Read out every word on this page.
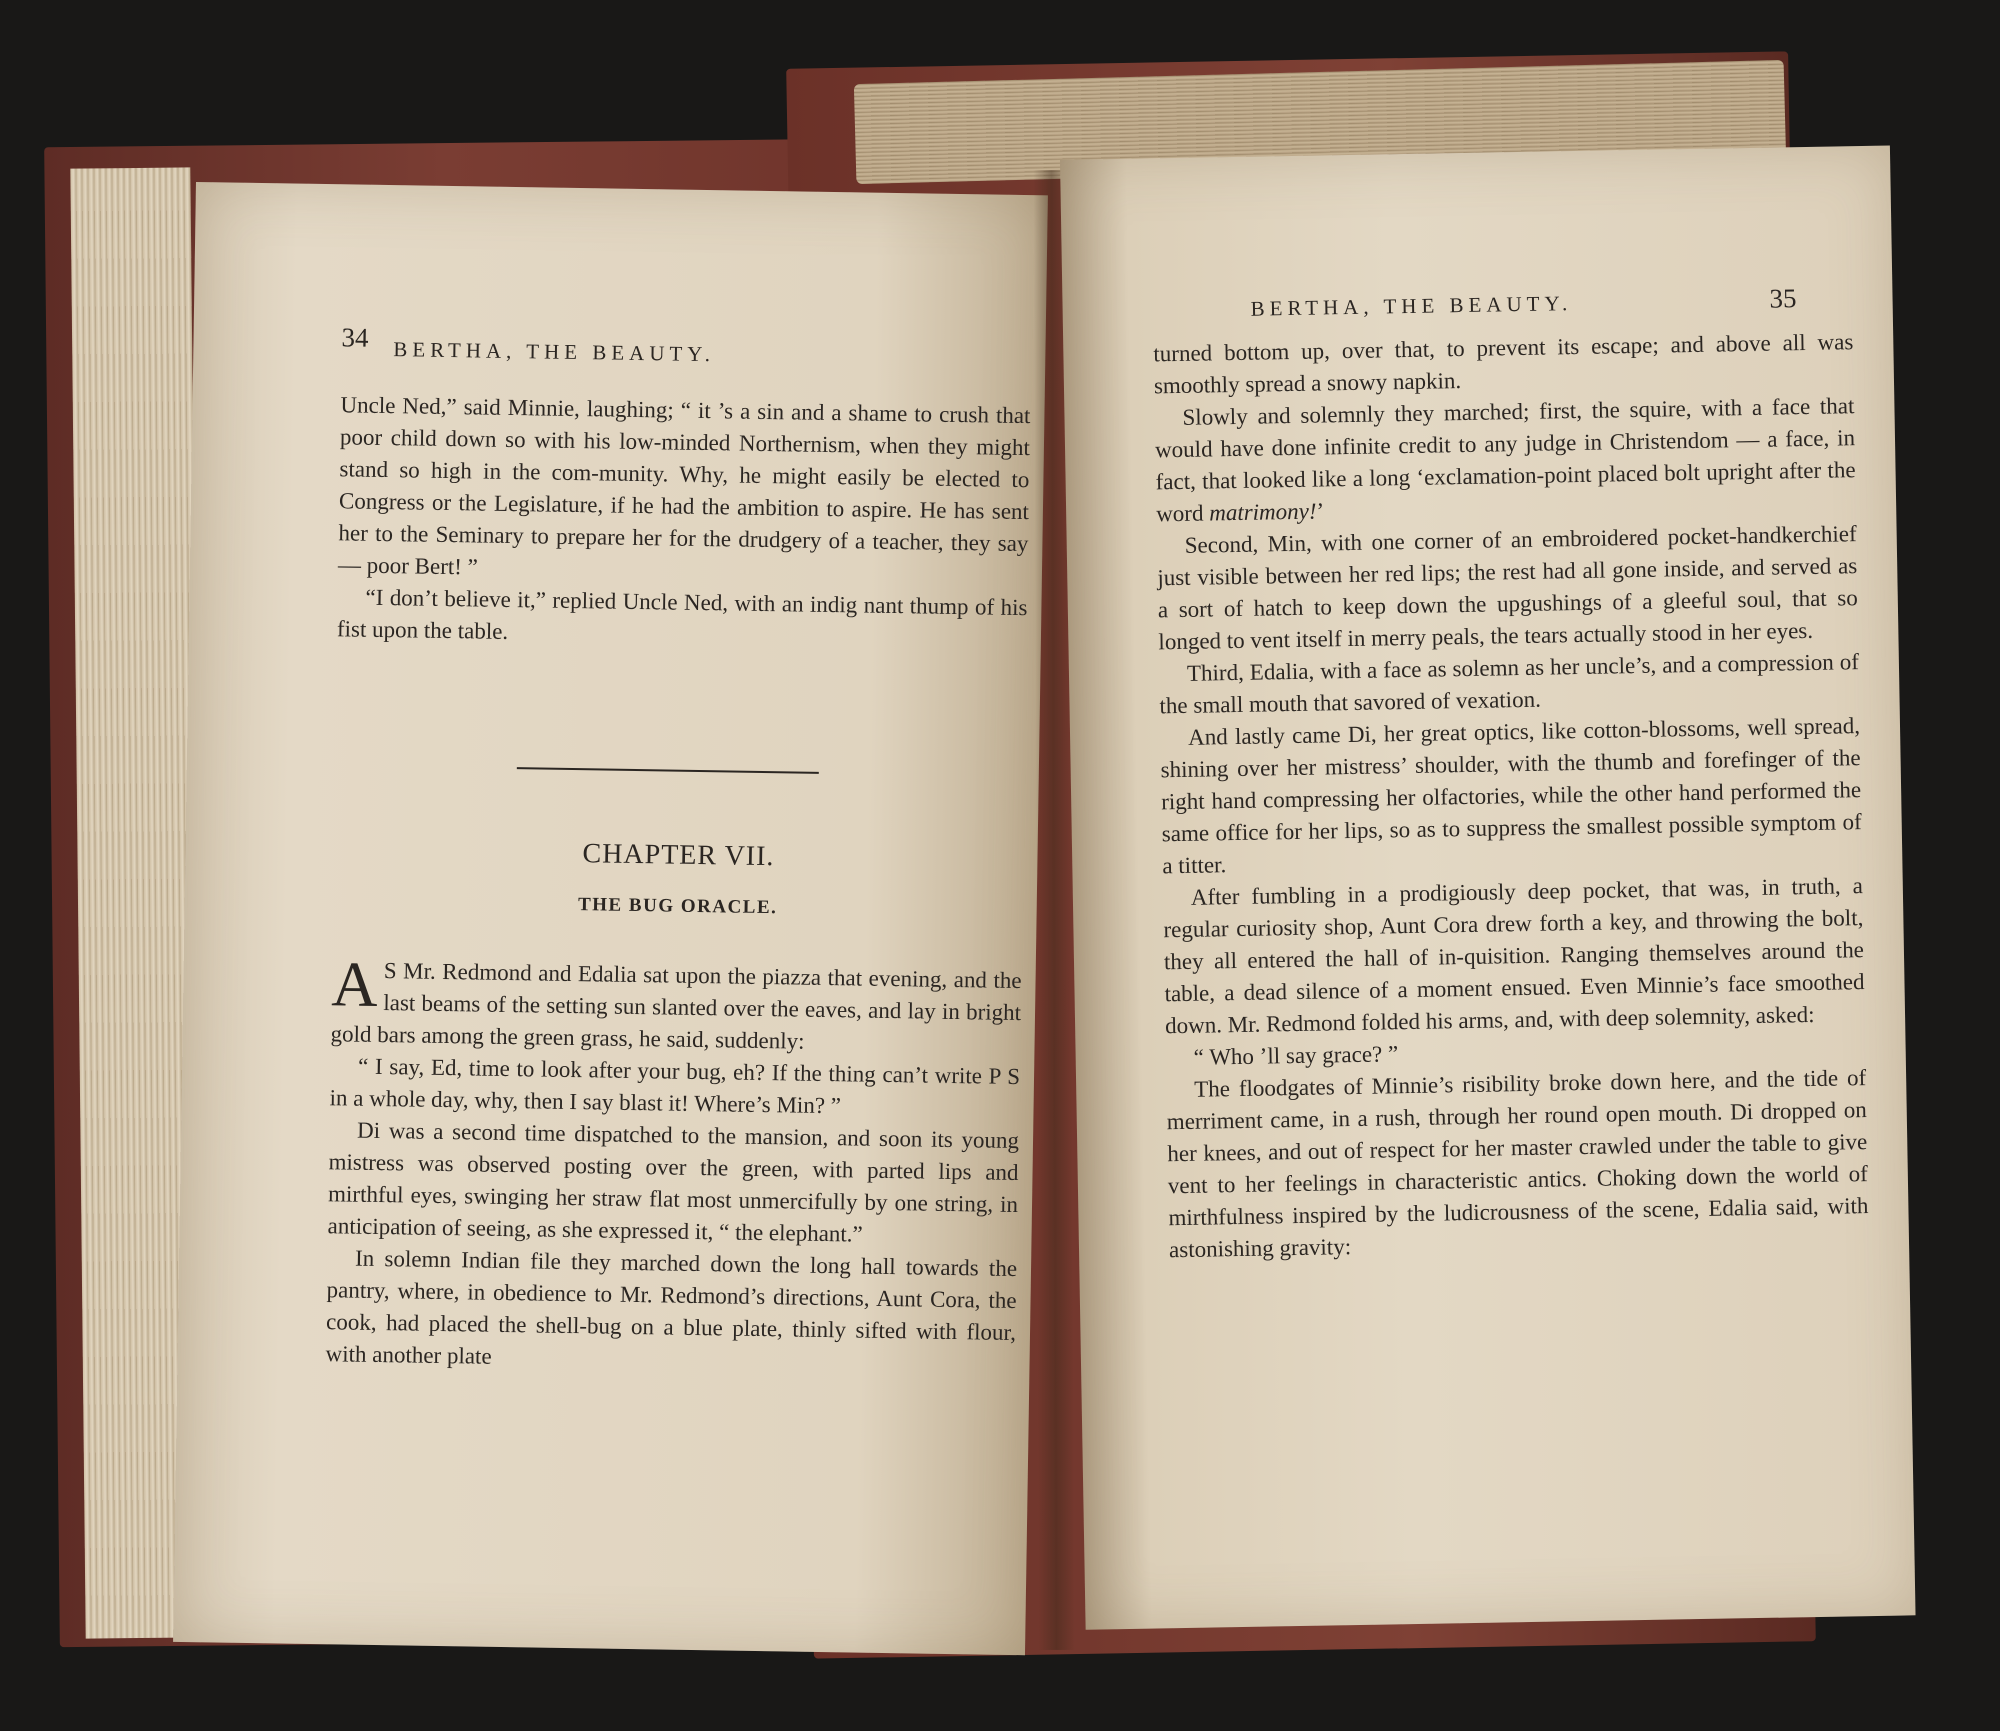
34 BERTHA, THE BEAUTY.

Uncle Ned,” said Minnie, laughing; “ it ’s a sin and a shame to crush that poor child down so with his low-minded Northernism, when they might stand so high in the com-munity. Why, he might easily be elected to Congress or the Legislature, if he had the ambition to aspire. He has sent her to the Seminary to prepare her for the drudgery of a teacher, they say — poor Bert! ”

“I don’t believe it,” replied Uncle Ned, with an indig nant thump of his fist upon the table.

CHAPTER VII.
THE BUG ORACLE.

A S Mr. Redmond and Edalia sat upon the piazza that evening, and the last beams of the setting sun slanted over the eaves, and lay in bright gold bars among the green grass, he said, suddenly:

“ I say, Ed, time to look after your bug, eh? If the thing can’t write P S in a whole day, why, then I say blast it! Where’s Min? ”

Di was a second time dispatched to the mansion, and soon its young mistress was observed posting over the green, with parted lips and mirthful eyes, swinging her straw flat most unmercifully by one string, in anticipation of seeing, as she expressed it, “ the elephant.”

In solemn Indian file they marched down the long hall towards the pantry, where, in obedience to Mr. Redmond’s directions, Aunt Cora, the cook, had placed the shell-bug on a blue plate, thinly sifted with flour, with another plate

BERTHA, THE BEAUTY.	35

turned bottom up, over that, to prevent its escape; and above all was smoothly spread a snowy napkin.

Slowly and solemnly they marched; first, the squire, with a face that would have done infinite credit to any judge in Christendom — a face, in fact, that looked like a long ‘exclamation-point placed bolt upright after the word matrimony!’

Second, Min, with one corner of an embroidered pocket-handkerchief just visible between her red lips; the rest had all gone inside, and served as a sort of hatch to keep down the upgushings of a gleeful soul, that so longed to vent itself in merry peals, the tears actually stood in her eyes.

Third, Edalia, with a face as solemn as her uncle’s, and a compression of the small mouth that savored of vexation.

And lastly came Di, her great optics, like cotton-blossoms, well spread, shining over her mistress’ shoulder, with the thumb and forefinger of the right hand compressing her olfactories, while the other hand performed the same office for her lips, so as to suppress the smallest possible symptom of a titter.

After fumbling in a prodigiously deep pocket, that was, in truth, a regular curiosity shop, Aunt Cora drew forth a key, and throwing the bolt, they all entered the hall of in-quisition. Ranging themselves around the table, a dead silence of a moment ensued. Even Minnie’s face smoothed down. Mr. Redmond folded his arms, and, with deep solemnity, asked:

“ Who ’ll say grace? ”

The floodgates of Minnie’s risibility broke down here, and the tide of merriment came, in a rush, through her round open mouth. Di dropped on her knees, and out of respect for her master crawled under the table to give vent to her feelings in characteristic antics. Choking down the world of mirthfulness inspired by the ludicrousness of the scene, Edalia said, with astonishing gravity:
